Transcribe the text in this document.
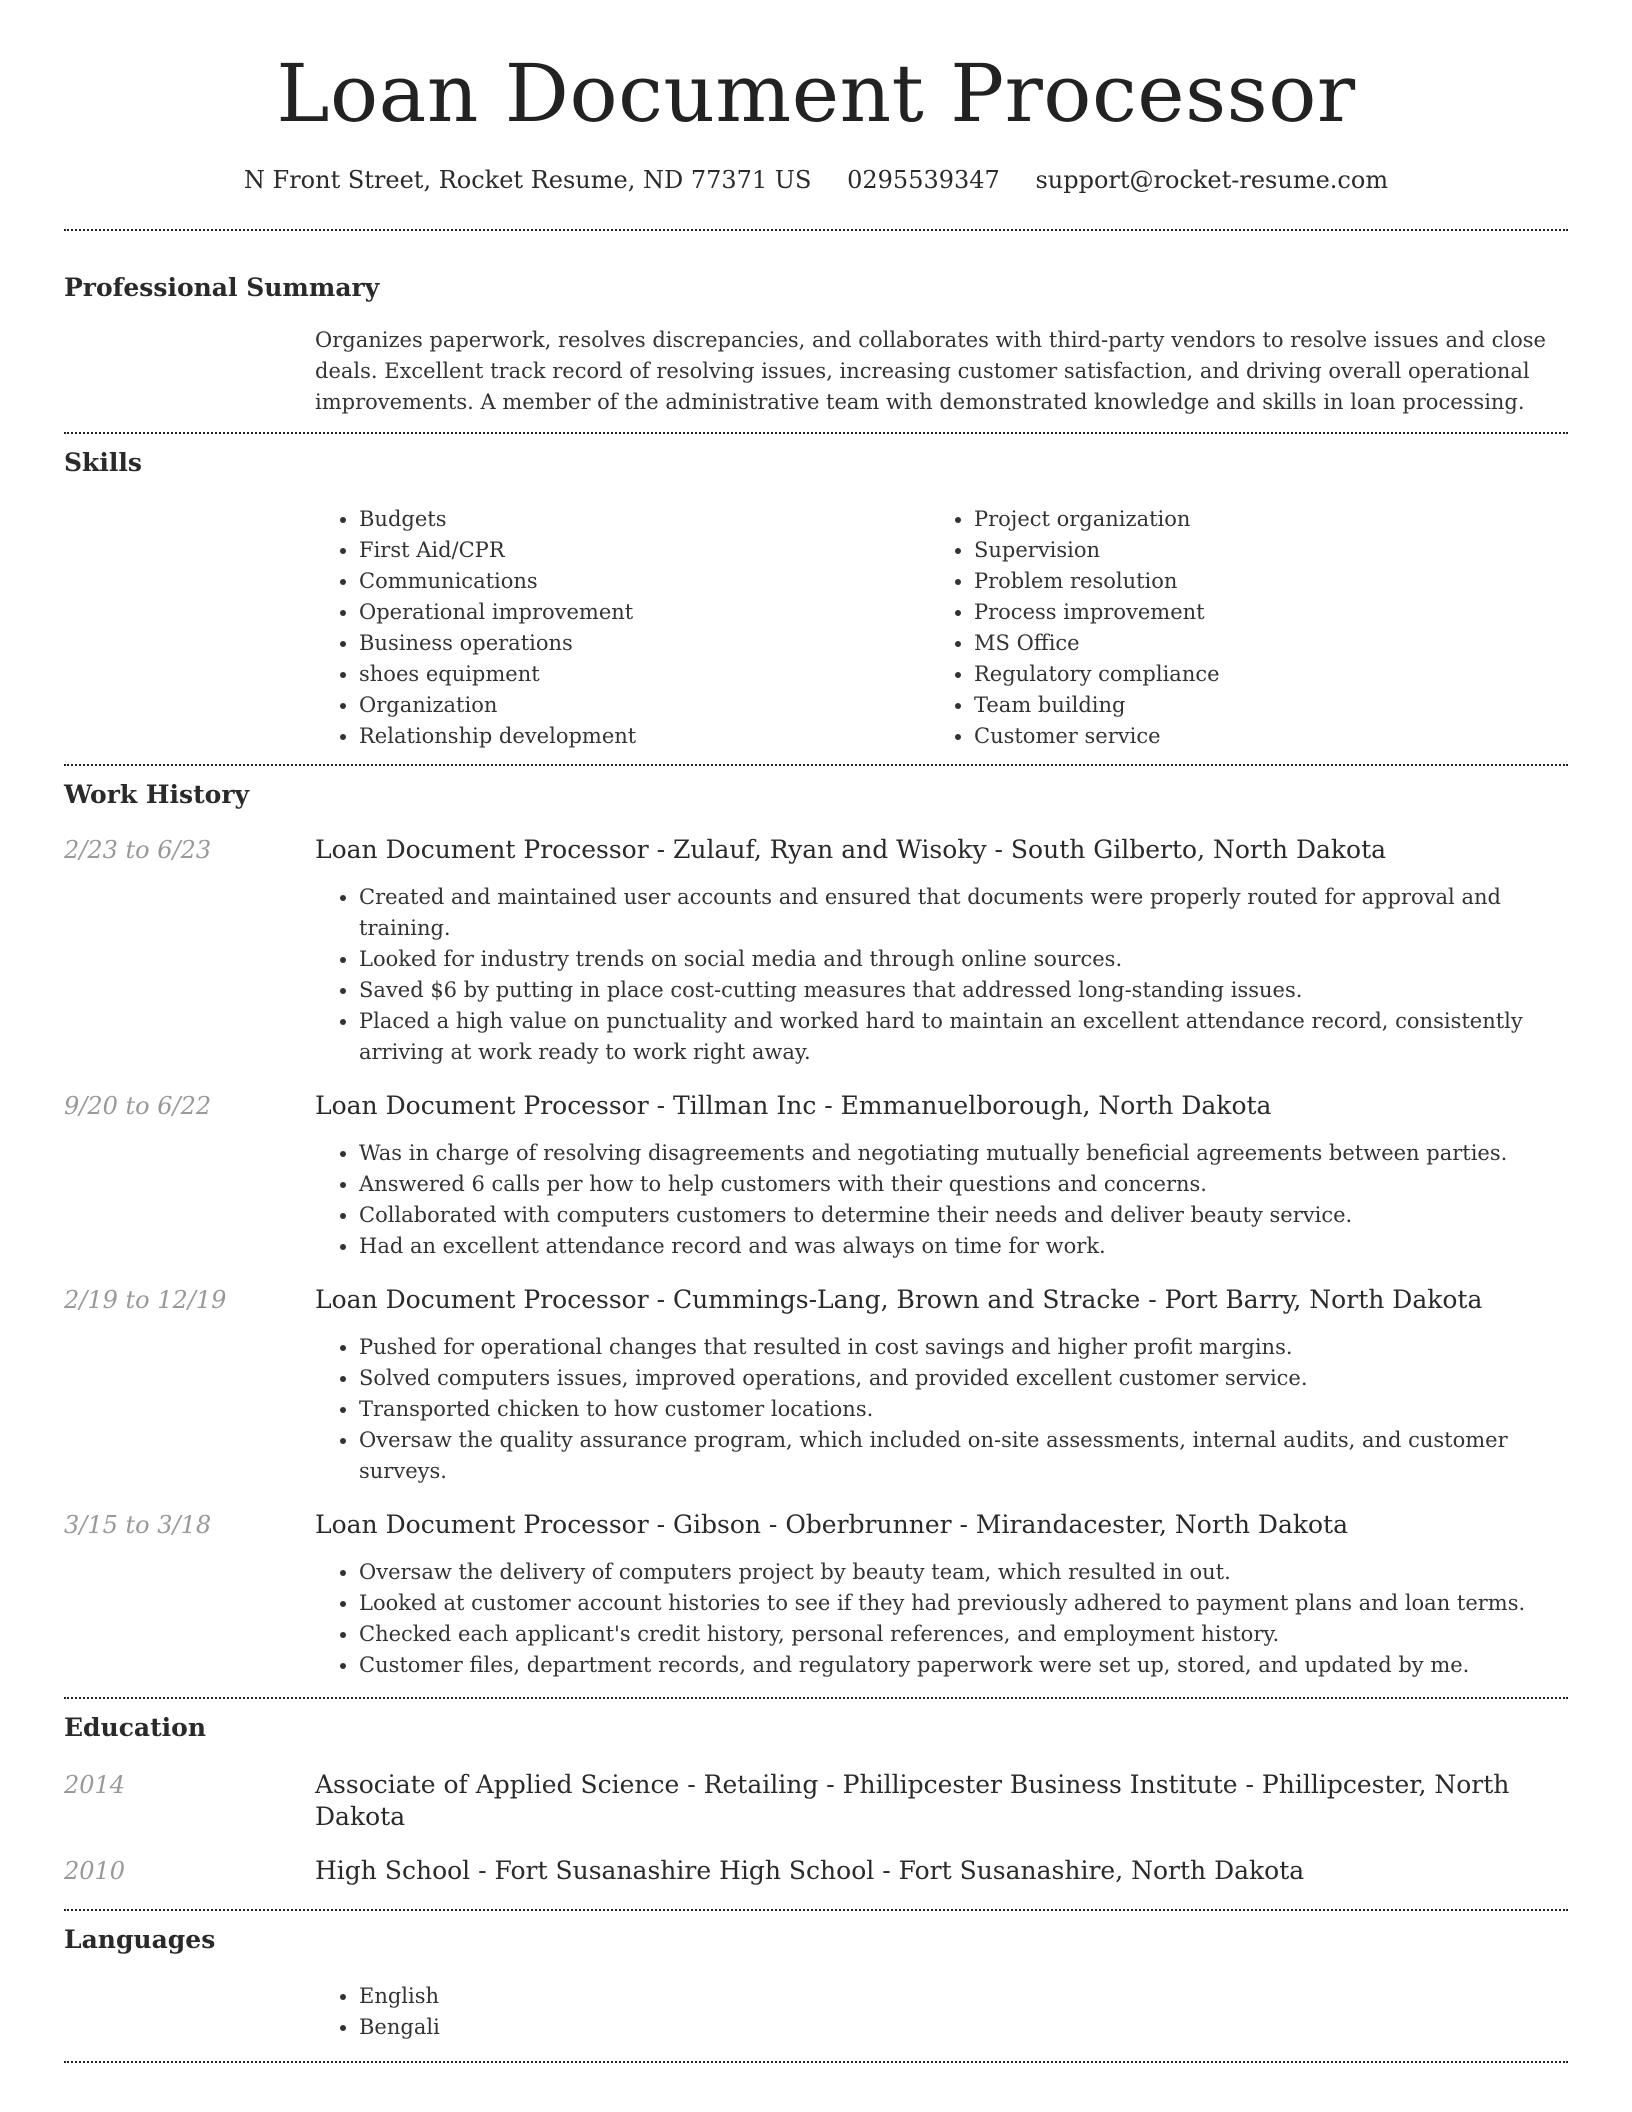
Loan Document Processor
N Front Street, Rocket Resume, ND 77371 US 0295539347 support@rocket-resume.com
Professional Summary
Organizes paperwork, resolves discrepancies, and collaborates with third-party vendors to resolve issues and close deals. Excellent track record of resolving issues, increasing customer satisfaction, and driving overall operational improvements. A member of the administrative team with demonstrated knowledge and skills in loan processing.
Skills
• Budgets
• First Aid/CPR
• Communications
• Operational improvement
• Business operations
• shoes equipment
• Organization
• Relationship development
• Project organization
• Supervision
• Problem resolution
• Process improvement
• MS Office
• Regulatory compliance
• Team building
• Customer service
Work History
2/23 to 6/23	Loan Document Processor - Zulauf, Ryan and Wisoky - South Gilberto, North Dakota
• Created and maintained user accounts and ensured that documents were properly routed for approval and training.
• Looked for industry trends on social media and through online sources.
• Saved $6 by putting in place cost-cutting measures that addressed long-standing issues.
• Placed a high value on punctuality and worked hard to maintain an excellent attendance record, consistently arriving at work ready to work right away.
9/20 to 6/22	Loan Document Processor - Tillman Inc - Emmanuelborough, North Dakota
• Was in charge of resolving disagreements and negotiating mutually beneficial agreements between parties.
• Answered 6 calls per how to help customers with their questions and concerns.
• Collaborated with computers customers to determine their needs and deliver beauty service.
• Had an excellent attendance record and was always on time for work.
2/19 to 12/19	Loan Document Processor - Cummings-Lang, Brown and Stracke - Port Barry, North Dakota
• Pushed for operational changes that resulted in cost savings and higher profit margins.
• Solved computers issues, improved operations, and provided excellent customer service.
• Transported chicken to how customer locations.
• Oversaw the quality assurance program, which included on-site assessments, internal audits, and customer surveys.
3/15 to 3/18	Loan Document Processor - Gibson - Oberbrunner - Mirandacester, North Dakota
• Oversaw the delivery of computers project by beauty team, which resulted in out.
• Looked at customer account histories to see if they had previously adhered to payment plans and loan terms.
• Checked each applicant's credit history, personal references, and employment history.
• Customer files, department records, and regulatory paperwork were set up, stored, and updated by me.
Education
2014	Associate of Applied Science - Retailing - Phillipcester Business Institute - Phillipcester, North Dakota
2010	High School - Fort Susanashire High School - Fort Susanashire, North Dakota
Languages
• English
• Bengali
